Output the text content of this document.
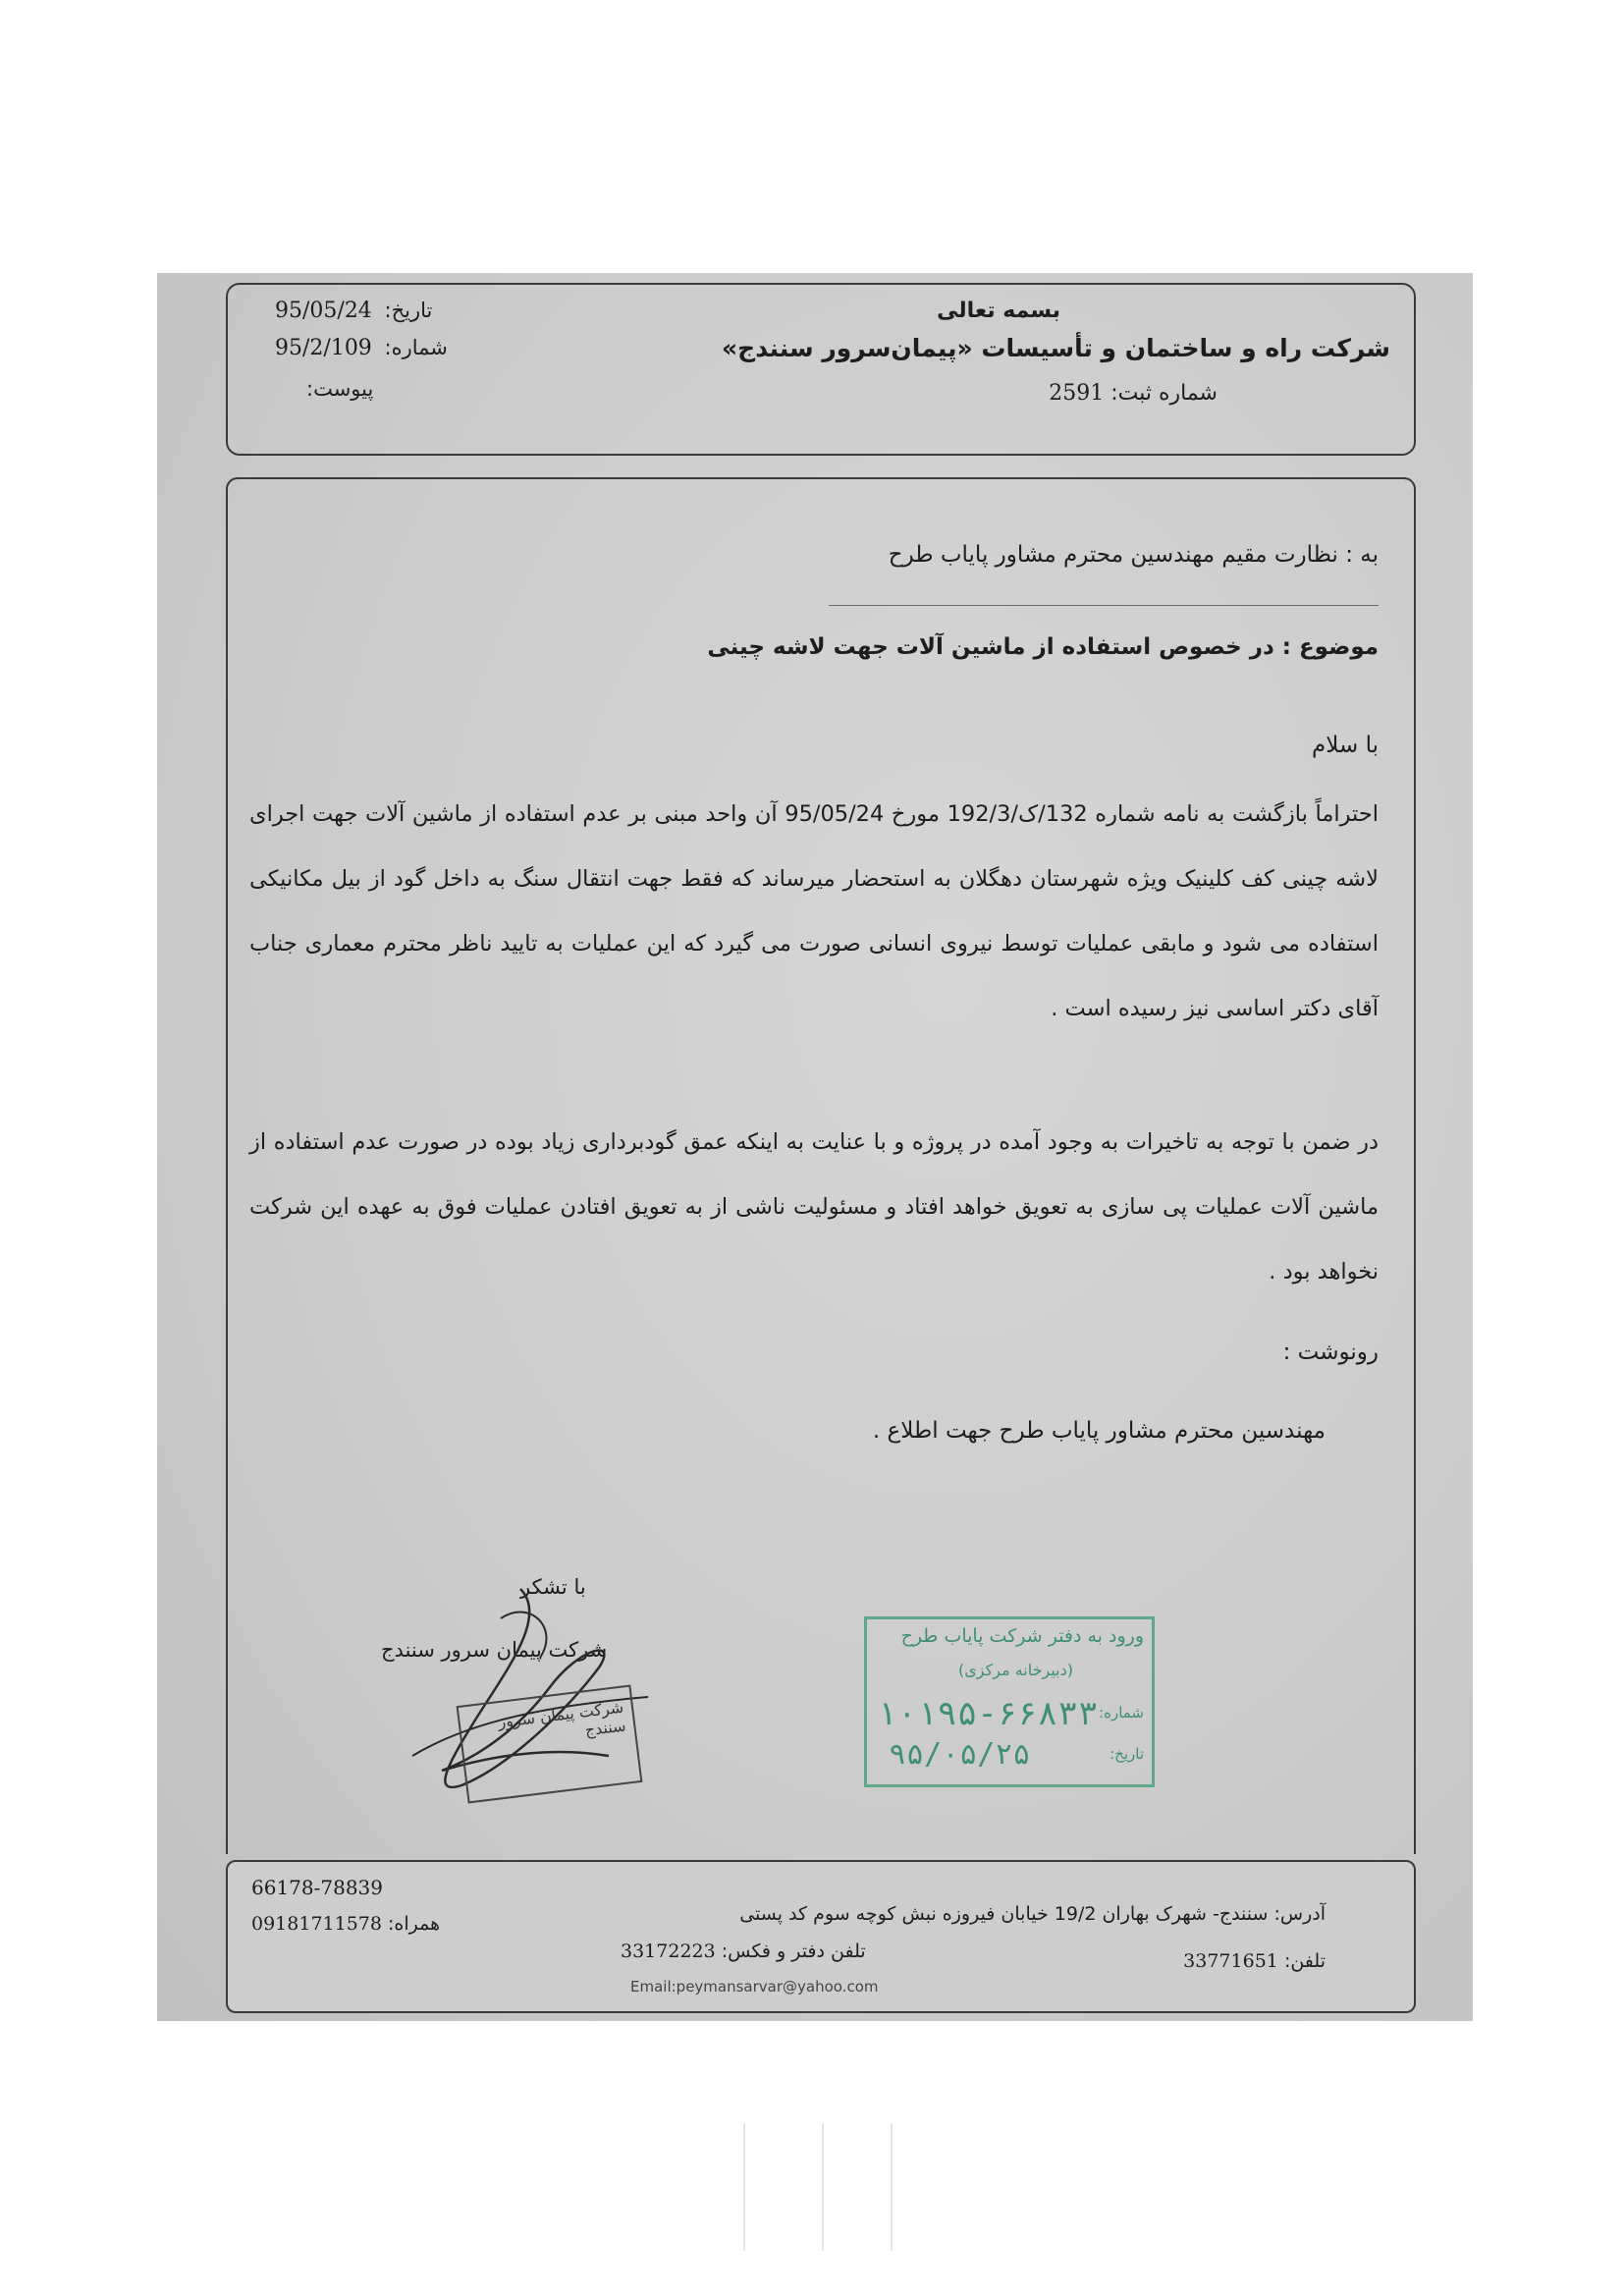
بسمه تعالی
شرکت راه و ساختمان و تأسیسات «پیمان‌سرور سنندج»
شماره ثبت: 2591
تاریخ: 95/05/24
شماره: 95/2/109
پیوست:
به : نظارت مقیم مهندسین محترم مشاور پایاب طرح
موضوع : در خصوص استفاده از ماشین آلات جهت لاشه چینی
با سلام
احتراماً بازگشت به نامه شماره 132/ک/192/3 مورخ 95/05/24 آن واحد مبنی بر عدم استفاده از ماشین آلات جهت اجرای لاشه چینی کف کلینیک ویژه شهرستان دهگلان به استحضار میرساند که فقط جهت انتقال سنگ به داخل گود از بیل مکانیکی استفاده می شود و مابقی عملیات توسط نیروی انسانی صورت می گیرد که این عملیات به تایید ناظر محترم معماری جناب آقای دکتر اساسی نیز رسیده است .
در ضمن با توجه به تاخیرات به وجود آمده در پروژه و با عنایت به اینکه عمق گودبرداری زیاد بوده در صورت عدم استفاده از ماشین آلات عملیات پی سازی به تعویق خواهد افتاد و مسئولیت ناشی از به تعویق افتادن عملیات فوق به عهده این شرکت نخواهد بود .
رونوشت :
مهندسین محترم مشاور پایاب طرح جهت اطلاع .
با تشکر
شرکت پیمان سرور سنندج
شرکت پیمان سرور سنندج
ورود به دفتر شرکت پایاب طرح
(دبیرخانه مرکزی)
شماره:
۱۰۱۹۵-۶۶۸۳۳
تاریخ:
۹۵/۰۵/۲۵
آدرس: سنندج- شهرک بهاران 19/2 خیابان فیروزه نبش کوچه سوم کد پستی
66178-78839
همراه: 09181711578
تلفن دفتر و فکس: 33172223	تلفن: 33771651
Email:peymansarvar@yahoo.com
